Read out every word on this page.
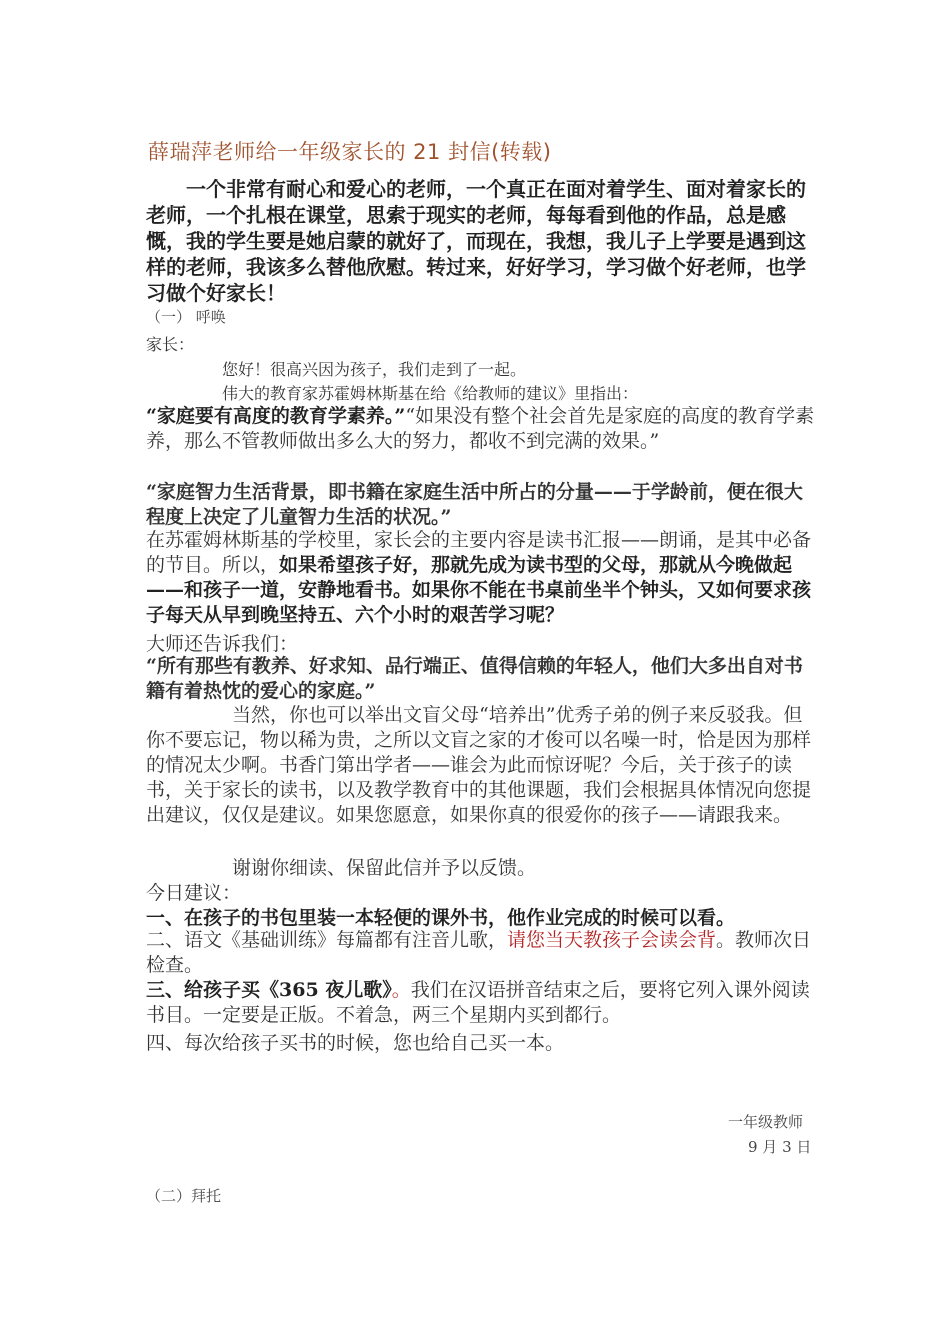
薛瑞萍老师给一年级家长的 21 封信(转载)
一个非常有耐心和爱心的老师，一个真正在面对着学生、面对着家长的老师，一个扎根在课堂，思索于现实的老师，每每看到他的作品，总是感慨，我的学生要是她启蒙的就好了，而现在，我想，我儿子上学要是遇到这样的老师，我该多么替他欣慰。转过来，好好学习，学习做个好老师，也学习做个好家长！
（一） 呼唤
家长：
您好！很高兴因为孩子，我们走到了一起。
伟大的教育家苏霍姆林斯基在给《给教师的建议》里指出：
“家庭要有高度的教育学素养。”“如果没有整个社会首先是家庭的高度的教育学素养，那么不管教师做出多么大的努力，都收不到完满的效果。”
“家庭智力生活背景，即书籍在家庭生活中所占的分量——于学龄前，便在很大程度上决定了儿童智力生活的状况。”
在苏霍姆林斯基的学校里，家长会的主要内容是读书汇报——朗诵，是其中必备的节目。所以，如果希望孩子好，那就先成为读书型的父母，那就从今晚做起——和孩子一道，安静地看书。如果你不能在书桌前坐半个钟头，又如何要求孩子每天从早到晚坚持五、六个小时的艰苦学习呢？
大师还告诉我们：
“所有那些有教养、好求知、品行端正、值得信赖的年轻人，他们大多出自对书籍有着热忱的爱心的家庭。”
当然，你也可以举出文盲父母“培养出”优秀子弟的例子来反驳我。但你不要忘记，物以稀为贵，之所以文盲之家的才俊可以名噪一时，恰是因为那样的情况太少啊。书香门第出学者——谁会为此而惊讶呢？今后，关于孩子的读书，关于家长的读书，以及教学教育中的其他课题，我们会根据具体情况向您提出建议，仅仅是建议。如果您愿意，如果你真的很爱你的孩子——请跟我来。
谢谢你细读、保留此信并予以反馈。
今日建议：
一、在孩子的书包里装一本轻便的课外书，他作业完成的时候可以看。
二、语文《基础训练》每篇都有注音儿歌，请您当天教孩子会读会背。教师次日检查。
三、给孩子买《365 夜儿歌》。我们在汉语拼音结束之后，要将它列入课外阅读书目。一定要是正版。不着急，两三个星期内买到都行。
四、每次给孩子买书的时候，您也给自己买一本。
一年级教师
9 月 3 日
（二）拜托
